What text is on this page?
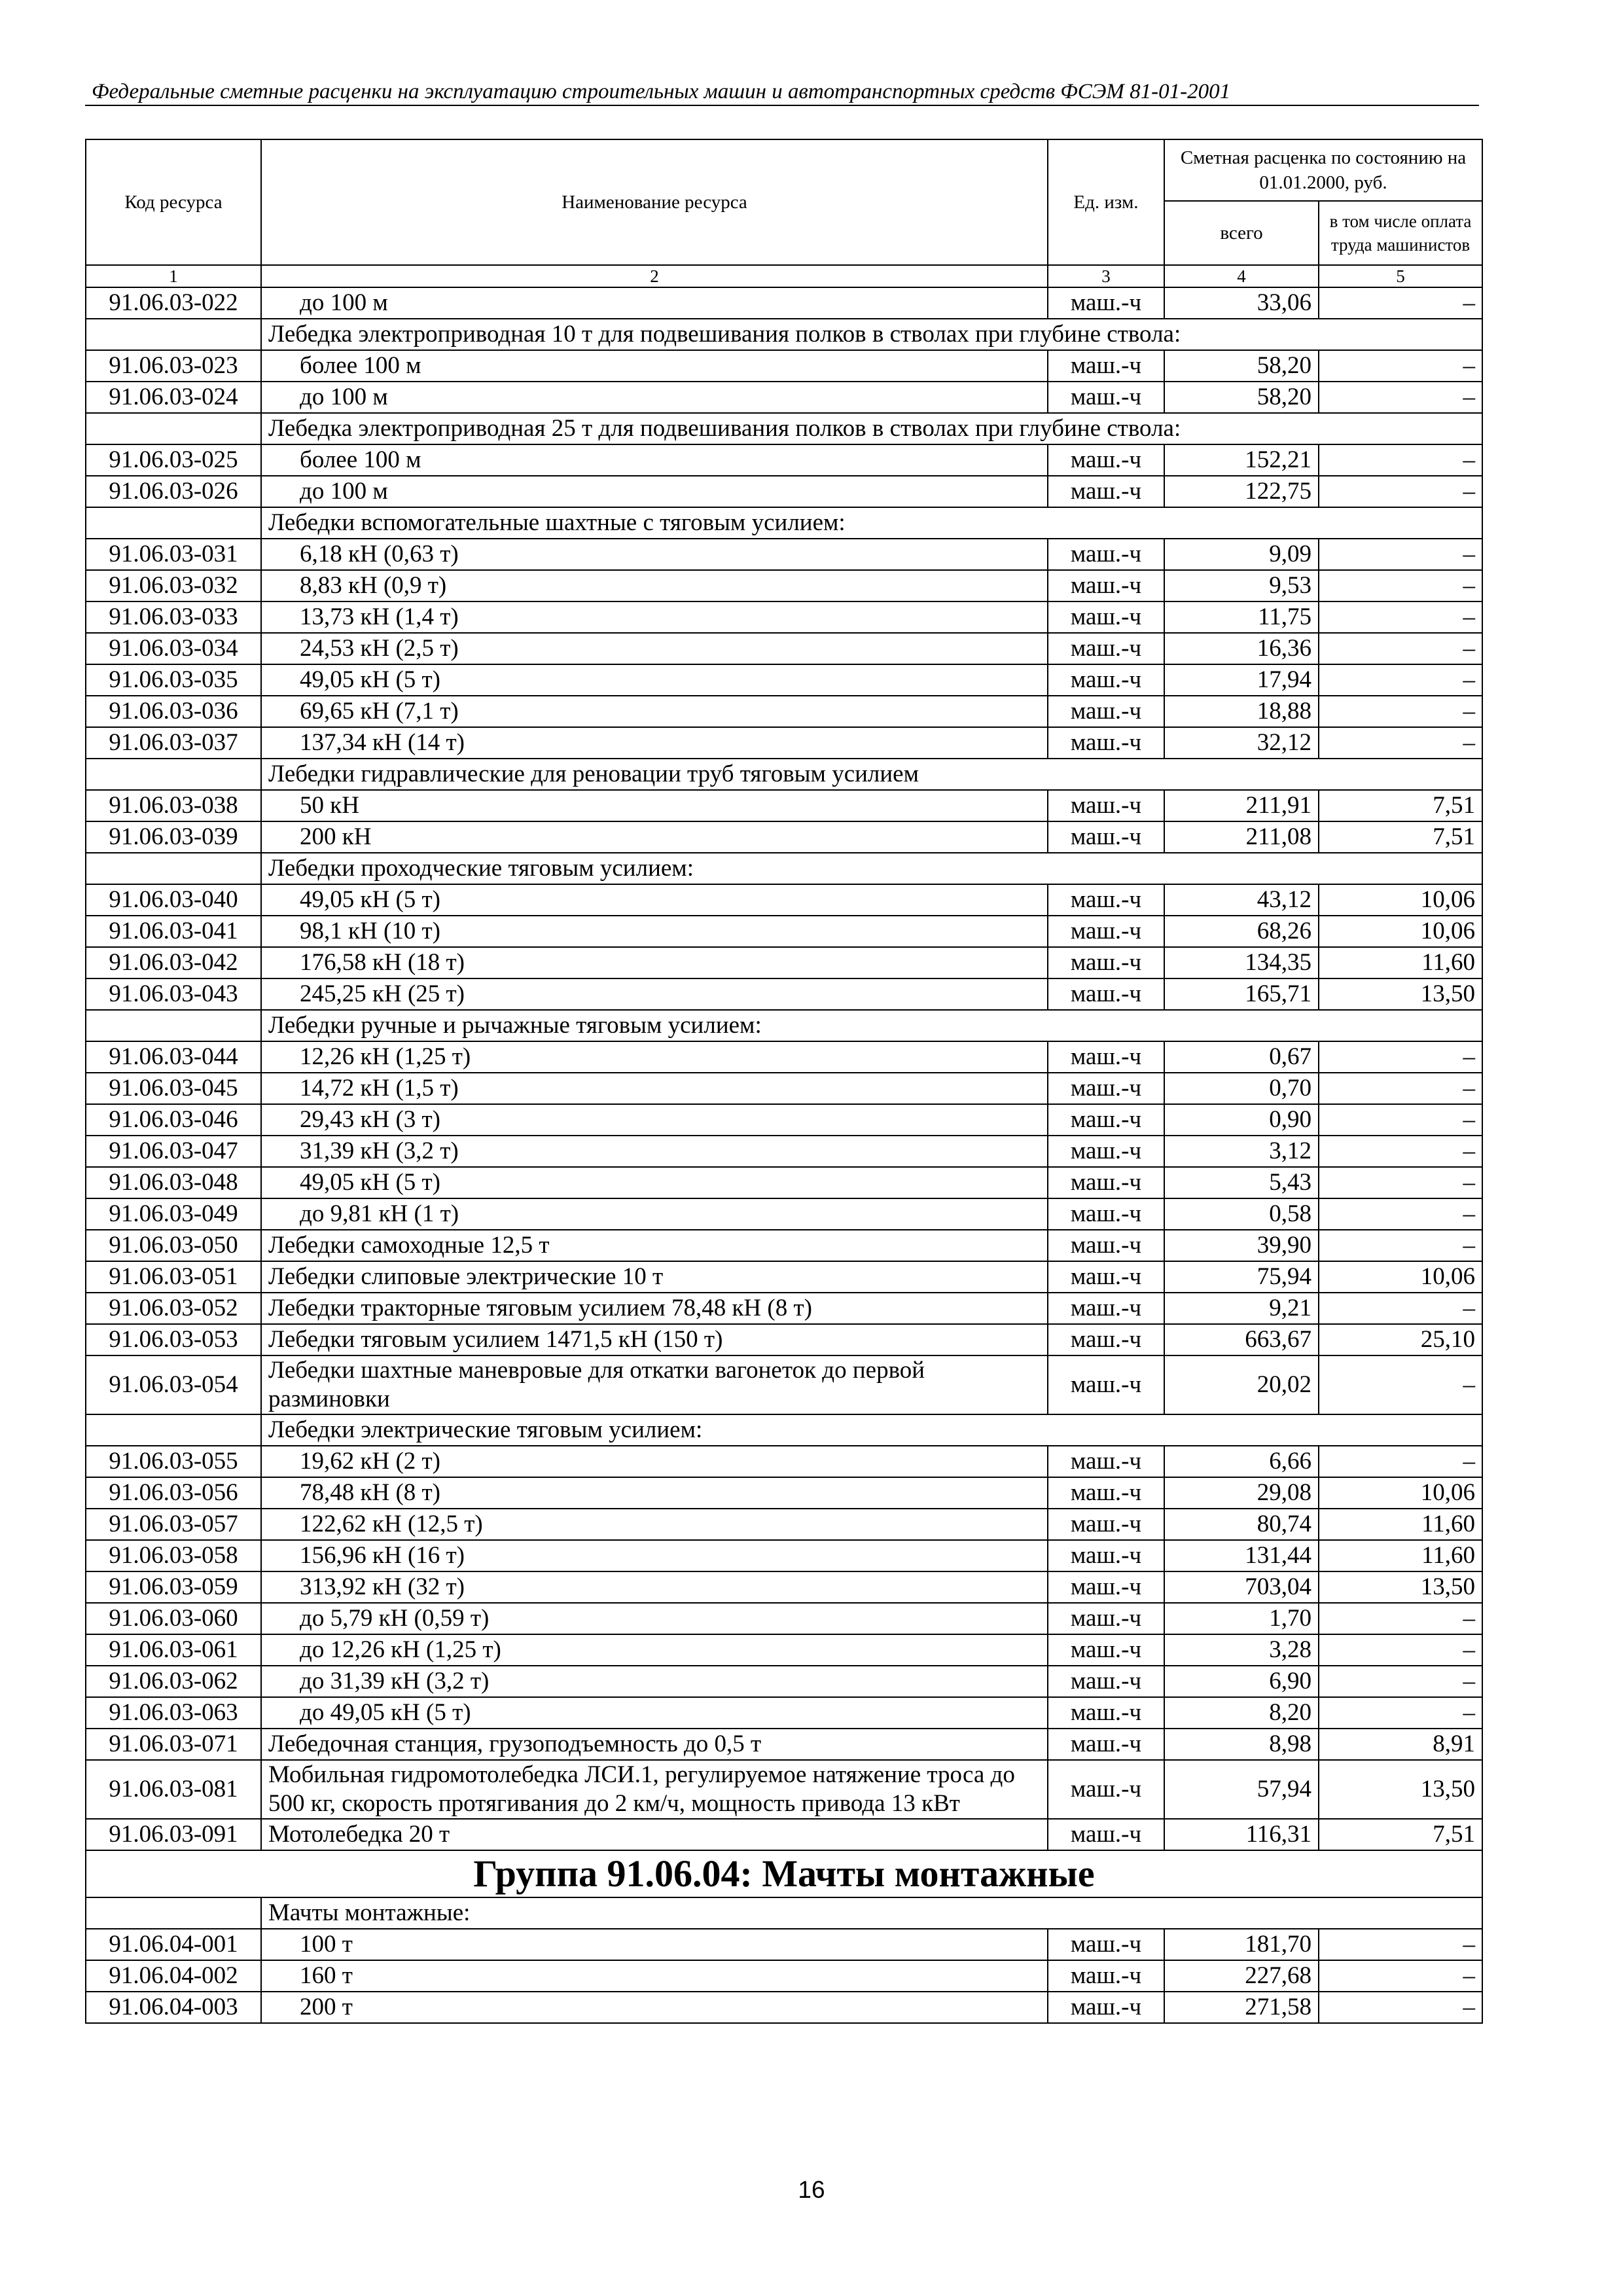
Федеральные сметные расценки на эксплуатацию строительных машин и автотранспортных средств ФСЭМ 81-01-2001
Код ресурса	Наименование ресурса	Ед. изм.	Сметная расценка по состоянию на 01.01.2000, руб.	
			всего	в том числе оплата труда машинистов
1	2	3	4	5
91.06.03-022	до 100 м	маш.-ч	33,06	–
	Лебедка электроприводная 10 т для подвешивания полков в стволах при глубине ствола:			
91.06.03-023	более 100 м	маш.-ч	58,20	–
91.06.03-024	до 100 м	маш.-ч	58,20	–
	Лебедка электроприводная 25 т для подвешивания полков в стволах при глубине ствола:			
91.06.03-025	более 100 м	маш.-ч	152,21	–
91.06.03-026	до 100 м	маш.-ч	122,75	–
	Лебедки вспомогательные шахтные с тяговым усилием:			
91.06.03-031	6,18 кН (0,63 т)	маш.-ч	9,09	–
91.06.03-032	8,83 кН (0,9 т)	маш.-ч	9,53	–
91.06.03-033	13,73 кН (1,4 т)	маш.-ч	11,75	–
91.06.03-034	24,53 кН (2,5 т)	маш.-ч	16,36	–
91.06.03-035	49,05 кН (5 т)	маш.-ч	17,94	–
91.06.03-036	69,65 кН (7,1 т)	маш.-ч	18,88	–
91.06.03-037	137,34 кН (14 т)	маш.-ч	32,12	–
	Лебедки гидравлические для реновации труб тяговым усилием			
91.06.03-038	50 кН	маш.-ч	211,91	7,51
91.06.03-039	200 кН	маш.-ч	211,08	7,51
	Лебедки проходческие тяговым усилием:			
91.06.03-040	49,05 кН (5 т)	маш.-ч	43,12	10,06
91.06.03-041	98,1 кН (10 т)	маш.-ч	68,26	10,06
91.06.03-042	176,58 кН (18 т)	маш.-ч	134,35	11,60
91.06.03-043	245,25 кН (25 т)	маш.-ч	165,71	13,50
	Лебедки ручные и рычажные тяговым усилием:			
91.06.03-044	12,26 кН (1,25 т)	маш.-ч	0,67	–
91.06.03-045	14,72 кН (1,5 т)	маш.-ч	0,70	–
91.06.03-046	29,43 кН (3 т)	маш.-ч	0,90	–
91.06.03-047	31,39 кН (3,2 т)	маш.-ч	3,12	–
91.06.03-048	49,05 кН (5 т)	маш.-ч	5,43	–
91.06.03-049	до 9,81 кН (1 т)	маш.-ч	0,58	–
91.06.03-050	Лебедки самоходные 12,5 т	маш.-ч	39,90	–
91.06.03-051	Лебедки слиповые электрические 10 т	маш.-ч	75,94	10,06
91.06.03-052	Лебедки тракторные тяговым усилием 78,48 кН (8 т)	маш.-ч	9,21	–
91.06.03-053	Лебедки тяговым усилием 1471,5 кН (150 т)	маш.-ч	663,67	25,10
91.06.03-054	Лебедки шахтные маневровые для откатки вагонеток до первой разминовки	маш.-ч	20,02	–
	Лебедки электрические тяговым усилием:			
91.06.03-055	19,62 кН (2 т)	маш.-ч	6,66	–
91.06.03-056	78,48 кН (8 т)	маш.-ч	29,08	10,06
91.06.03-057	122,62 кН (12,5 т)	маш.-ч	80,74	11,60
91.06.03-058	156,96 кН (16 т)	маш.-ч	131,44	11,60
91.06.03-059	313,92 кН (32 т)	маш.-ч	703,04	13,50
91.06.03-060	до 5,79 кН (0,59 т)	маш.-ч	1,70	–
91.06.03-061	до 12,26 кН (1,25 т)	маш.-ч	3,28	–
91.06.03-062	до 31,39 кН (3,2 т)	маш.-ч	6,90	–
91.06.03-063	до 49,05 кН (5 т)	маш.-ч	8,20	–
91.06.03-071	Лебедочная станция, грузоподъемность до 0,5 т	маш.-ч	8,98	8,91
91.06.03-081	Мобильная гидромотолебедка ЛСИ.1, регулируемое натяжение троса до 500 кг, скорость протягивания до 2 км/ч, мощность привода 13 кВт	маш.-ч	57,94	13,50
91.06.03-091	Мотолебедка 20 т	маш.-ч	116,31	7,51
Группа 91.06.04: Мачты монтажные				
	Мачты монтажные:			
91.06.04-001	100 т	маш.-ч	181,70	–
91.06.04-002	160 т	маш.-ч	227,68	–
91.06.04-003	200 т	маш.-ч	271,58	–
16
